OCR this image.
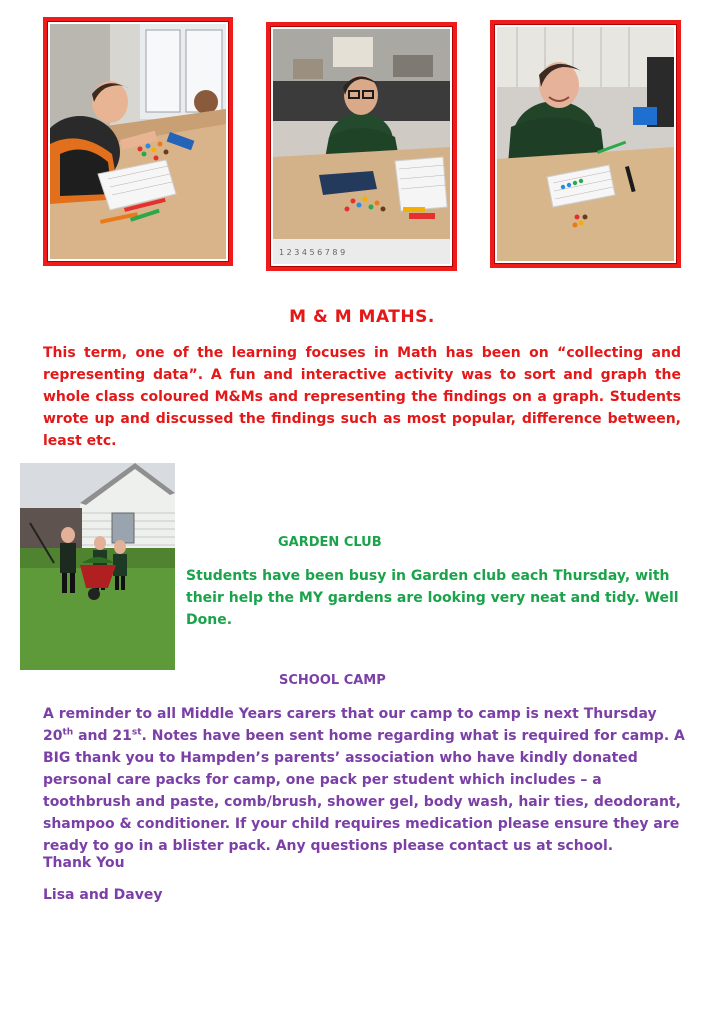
1 2 3 4 5 6 7 8 9
M & M MATHS.

This term, one of the learning focuses in Math has been on “collecting and representing data”. A fun and interactive activity was to sort and graph the whole class coloured M&Ms and representing the findings on a graph. Students wrote up and discussed the findings such as most popular, difference between, least etc.

GARDEN CLUB

Students have been busy in Garden club each Thursday, with their help the MY gardens are looking very neat and tidy. Well Done.

SCHOOL CAMP

A reminder to all Middle Years carers that our camp to camp is next Thursday 20th and 21st. Notes have been sent home regarding what is required for camp. A BIG thank you to Hampden’s parents’ association who have kindly donated personal care packs for camp, one pack per student which includes – a toothbrush and paste, comb/brush, shower gel, body wash, hair ties, deodorant, shampoo & conditioner. If your child requires medication please ensure they are ready to go in a blister pack. Any questions please contact us at school.

Thank You

Lisa and Davey
